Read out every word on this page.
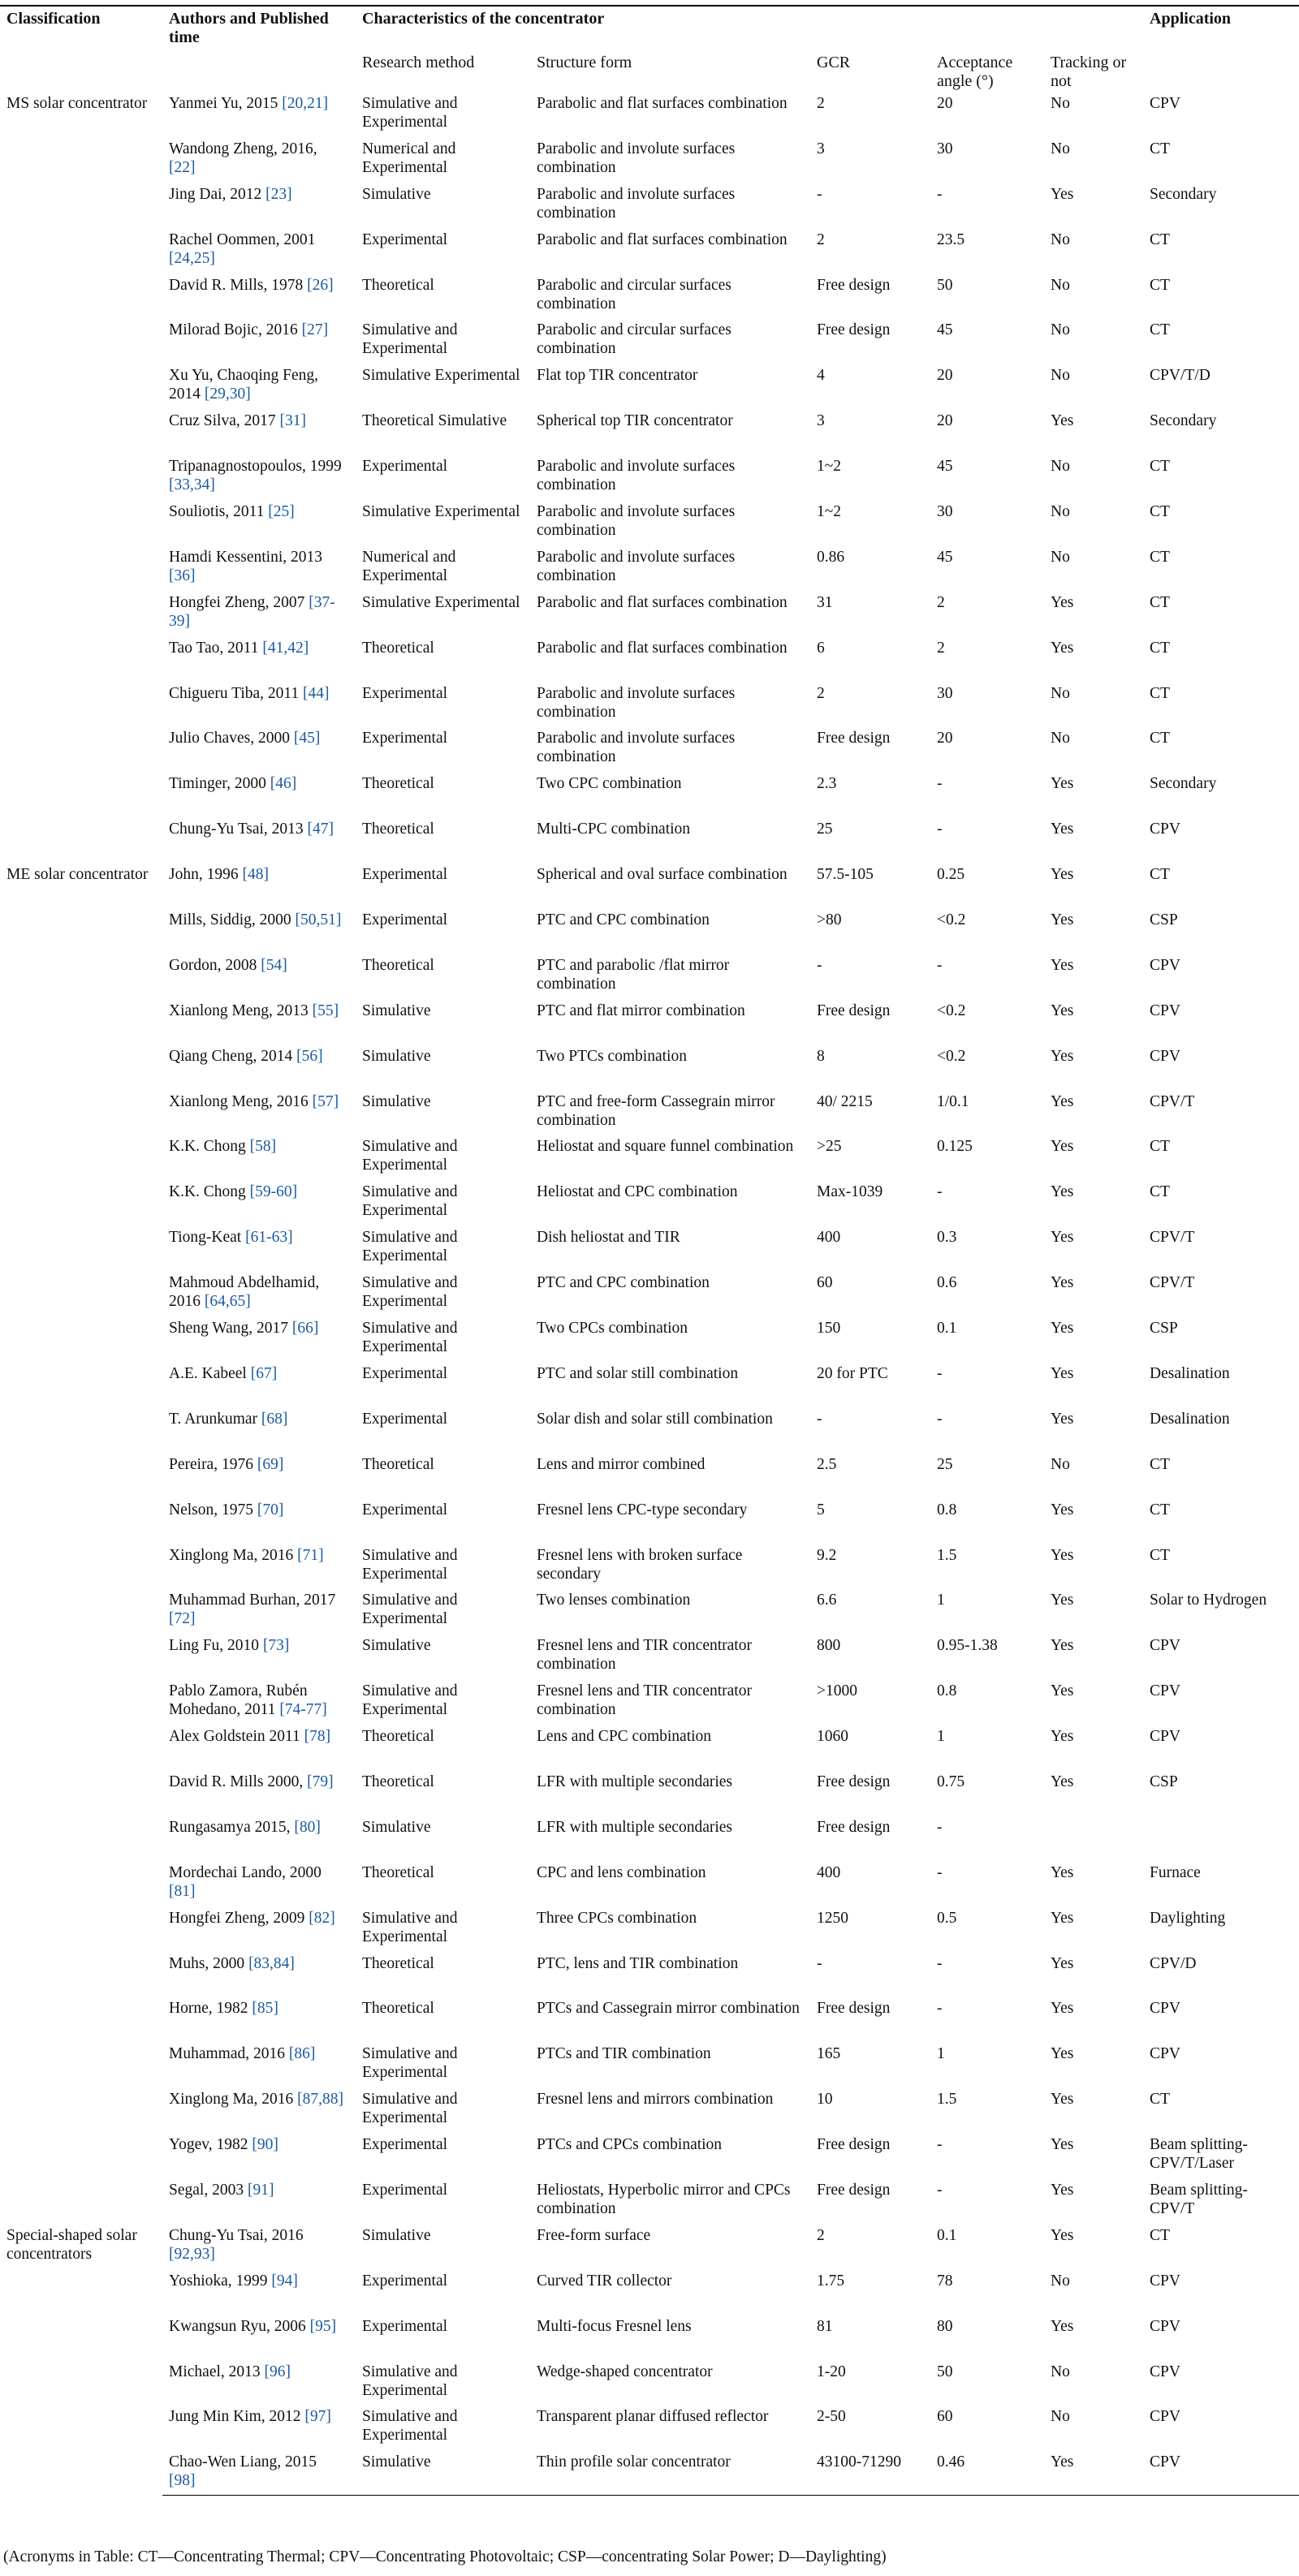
Classification	Authors and Published time	Characteristics of the concentrator					Application
		Research method	Structure form	GCR	Acceptance angle (°)	Tracking or not	
MS solar concentrator	Yanmei Yu, 2015 [20,21]	Simulative and Experimental	Parabolic and flat surfaces combination	2	20	No	CPV
	Wandong Zheng, 2016, [22]	Numerical and Experimental	Parabolic and involute surfaces combination	3	30	No	CT
	Jing Dai, 2012 [23]	Simulative	Parabolic and involute surfaces combination	-	-	Yes	Secondary
	Rachel Oommen, 2001 [24,25]	Experimental	Parabolic and flat surfaces combination	2	23.5	No	CT
	David R. Mills, 1978 [26]	Theoretical	Parabolic and circular surfaces combination	Free design	50	No	CT
	Milorad Bojic, 2016 [27]	Simulative and Experimental	Parabolic and circular surfaces combination	Free design	45	No	CT
	Xu Yu, Chaoqing Feng, 2014 [29,30]	Simulative Experimental	Flat top TIR concentrator	4	20	No	CPV/T/D
	Cruz Silva, 2017 [31]	Theoretical Simulative	Spherical top TIR concentrator	3	20	Yes	Secondary
	Tripanagnostopoulos, 1999 [33,34]	Experimental	Parabolic and involute surfaces combination	1~2	45	No	CT
	Souliotis, 2011 [25]	Simulative Experimental	Parabolic and involute surfaces combination	1~2	30	No	CT
	Hamdi Kessentini, 2013 [36]	Numerical and Experimental	Parabolic and involute surfaces combination	0.86	45	No	CT
	Hongfei Zheng, 2007 [37-39]	Simulative Experimental	Parabolic and flat surfaces combination	31	2	Yes	CT
	Tao Tao, 2011 [41,42]	Theoretical	Parabolic and flat surfaces combination	6	2	Yes	CT
	Chigueru Tiba, 2011 [44]	Experimental	Parabolic and involute surfaces combination	2	30	No	CT
	Julio Chaves, 2000 [45]	Experimental	Parabolic and involute surfaces combination	Free design	20	No	CT
	Timinger, 2000 [46]	Theoretical	Two CPC combination	2.3	-	Yes	Secondary
	Chung-Yu Tsai, 2013 [47]	Theoretical	Multi-CPC combination	25	-	Yes	CPV
ME solar concentrator	John, 1996 [48]	Experimental	Spherical and oval surface combination	57.5-105	0.25	Yes	CT
	Mills, Siddig, 2000 [50,51]	Experimental	PTC and CPC combination	>80	<0.2	Yes	CSP
	Gordon, 2008 [54]	Theoretical	PTC and parabolic /flat mirror combination	-	-	Yes	CPV
	Xianlong Meng, 2013 [55]	Simulative	PTC and flat mirror combination	Free design	<0.2	Yes	CPV
	Qiang Cheng, 2014 [56]	Simulative	Two PTCs combination	8	<0.2	Yes	CPV
	Xianlong Meng, 2016 [57]	Simulative	PTC and free-form Cassegrain mirror combination	40/ 2215	1/0.1	Yes	CPV/T
	K.K. Chong [58]	Simulative and Experimental	Heliostat and square funnel combination	>25	0.125	Yes	CT
	K.K. Chong [59-60]	Simulative and Experimental	Heliostat and CPC combination	Max-1039	-	Yes	CT
	Tiong-Keat [61-63]	Simulative and Experimental	Dish heliostat and TIR	400	0.3	Yes	CPV/T
	Mahmoud Abdelhamid, 2016 [64,65]	Simulative and Experimental	PTC and CPC combination	60	0.6	Yes	CPV/T
	Sheng Wang, 2017 [66]	Simulative and Experimental	Two CPCs combination	150	0.1	Yes	CSP
	A.E. Kabeel [67]	Experimental	PTC and solar still combination	20 for PTC	-	Yes	Desalination
	T. Arunkumar [68]	Experimental	Solar dish and solar still combination	-	-	Yes	Desalination
	Pereira, 1976 [69]	Theoretical	Lens and mirror combined	2.5	25	No	CT
	Nelson, 1975 [70]	Experimental	Fresnel lens CPC-type secondary	5	0.8	Yes	CT
	Xinglong Ma, 2016 [71]	Simulative and Experimental	Fresnel lens with broken surface secondary	9.2	1.5	Yes	CT
	Muhammad Burhan, 2017 [72]	Simulative and Experimental	Two lenses combination	6.6	1	Yes	Solar to Hydrogen
	Ling Fu, 2010 [73]	Simulative	Fresnel lens and TIR concentrator combination	800	0.95-1.38	Yes	CPV
	Pablo Zamora, Rubén Mohedano, 2011 [74-77]	Simulative and Experimental	Fresnel lens and TIR concentrator combination	>1000	0.8	Yes	CPV
	Alex Goldstein 2011 [78]	Theoretical	Lens and CPC combination	1060	1	Yes	CPV
	David R. Mills 2000, [79]	Theoretical	LFR with multiple secondaries	Free design	0.75	Yes	CSP
	Rungasamya 2015, [80]	Simulative	LFR with multiple secondaries	Free design	-		
	Mordechai Lando, 2000 [81]	Theoretical	CPC and lens combination	400	-	Yes	Furnace
	Hongfei Zheng, 2009 [82]	Simulative and Experimental	Three CPCs combination	1250	0.5	Yes	Daylighting
	Muhs, 2000 [83,84]	Theoretical	PTC, lens and TIR combination	-	-	Yes	CPV/D
	Horne, 1982 [85]	Theoretical	PTCs and Cassegrain mirror combination	Free design	-	Yes	CPV
	Muhammad, 2016 [86]	Simulative and Experimental	PTCs and TIR combination	165	1	Yes	CPV
	Xinglong Ma, 2016 [87,88]	Simulative and Experimental	Fresnel lens and mirrors combination	10	1.5	Yes	CT
	Yogev, 1982 [90]	Experimental	PTCs and CPCs combination	Free design	-	Yes	Beam splitting-CPV/T/Laser
	Segal, 2003 [91]	Experimental	Heliostats, Hyperbolic mirror and CPCs combination	Free design	-	Yes	Beam splitting-CPV/T
Special-shaped solar concentrators	Chung-Yu Tsai, 2016 [92,93]	Simulative	Free-form surface	2	0.1	Yes	CT
	Yoshioka, 1999 [94]	Experimental	Curved TIR collector	1.75	78	No	CPV
	Kwangsun Ryu, 2006 [95]	Experimental	Multi-focus Fresnel lens	81	80	Yes	CPV
	Michael, 2013 [96]	Simulative and Experimental	Wedge-shaped concentrator	1-20	50	No	CPV
	Jung Min Kim, 2012 [97]	Simulative and Experimental	Transparent planar diffused reflector	2-50	60	No	CPV
	Chao-Wen Liang, 2015 [98]	Simulative	Thin profile solar concentrator	43100-71290	0.46	Yes	CPV
(Acronyms in Table: CT—Concentrating Thermal; CPV—Concentrating Photovoltaic; CSP—concentrating Solar Power; D—Daylighting)
